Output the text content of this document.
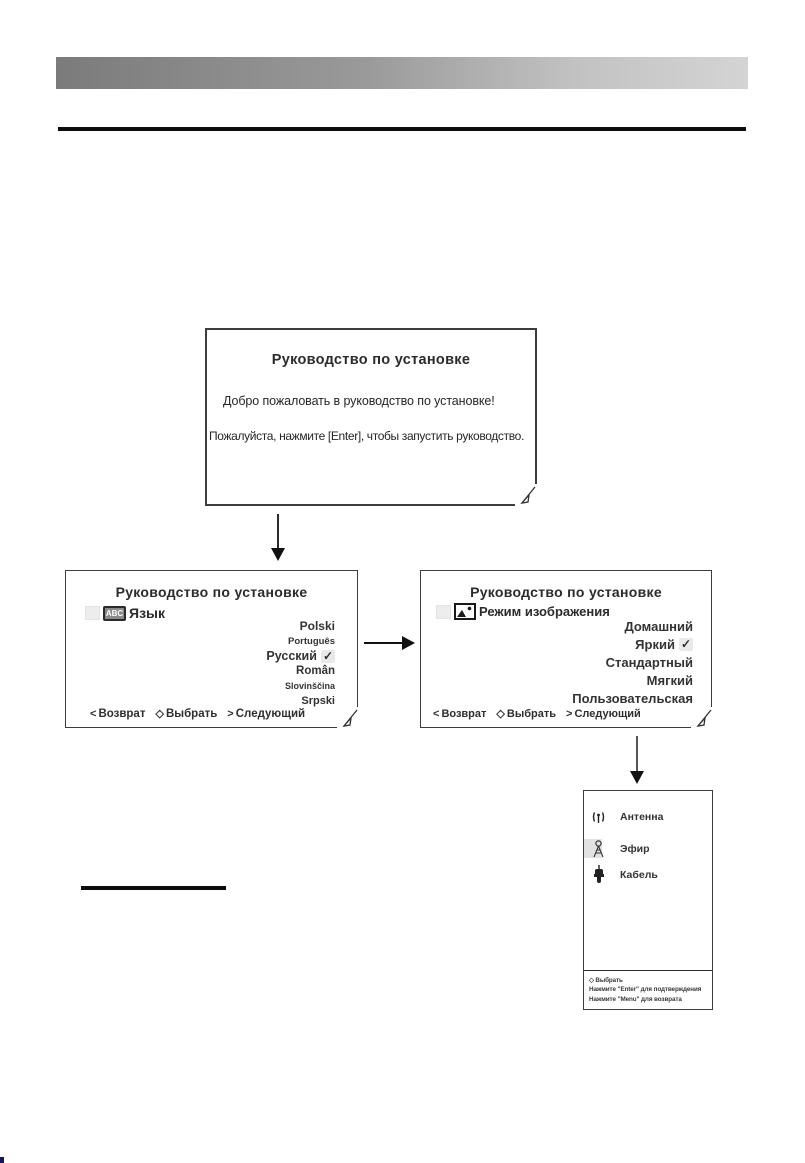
Руководство по установке
Добро пожаловать в руководство по установке!
Пожалуйста, нажмите [Enter], чтобы запустить руководство.
Руководство по установке
ABC Язык
Polski
Português
Русский ✓
Român
Slovinščina
Srpski
< Возврат ◇ Выбрать > Следующий
Руководство по установке
Режим изображения
Домашний
Яркий ✓
Стандартный
Мягкий
Пользовательская
< Возврат ◇ Выбрать > Следующий
Антенна
Эфир
Кабель
◇ Выбрать
Нажмите "Enter" для подтверждения
Нажмите "Menu" для возврата
